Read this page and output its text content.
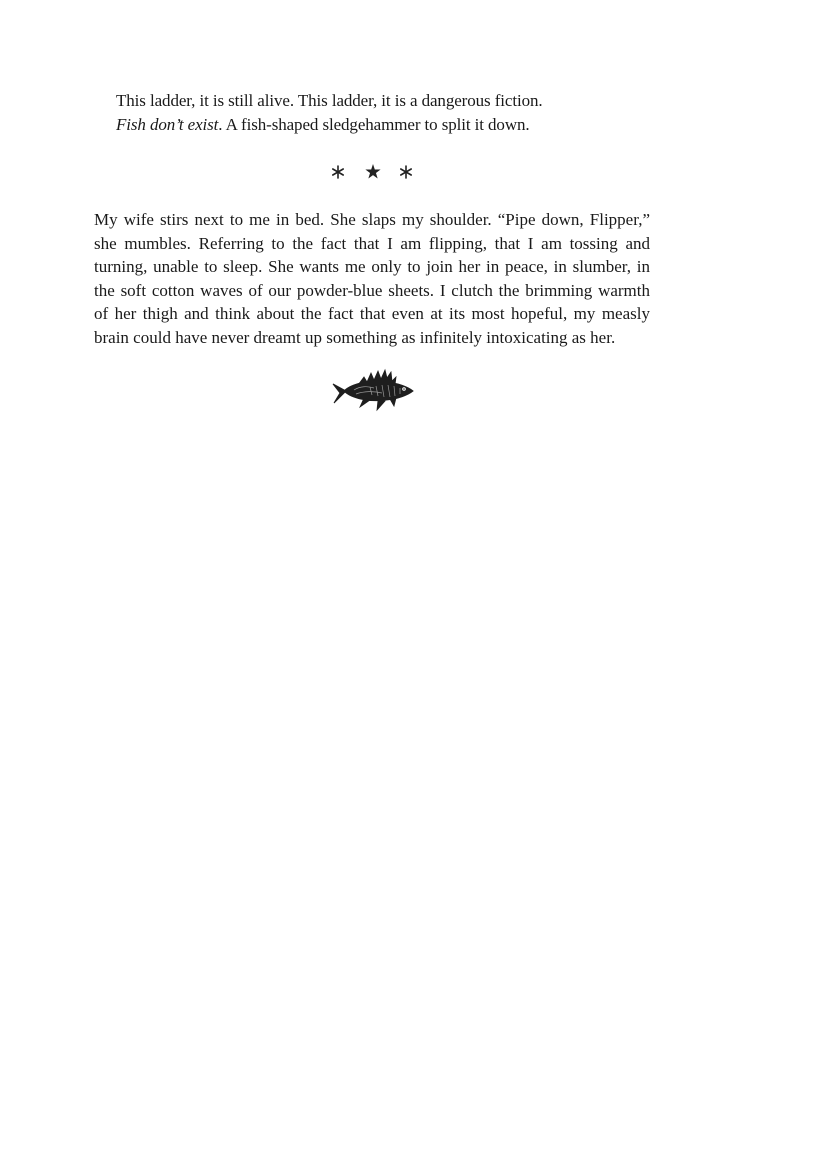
This ladder, it is still alive. This ladder, it is a dangerous fiction.
Fish don’t exist. A fish-shaped sledgehammer to split it down.
My wife stirs next to me in bed. She slaps my shoulder. “Pipe down, Flipper,”
she mumbles. Referring to the fact that I am flipping, that I am tossing and
turning, unable to sleep. She wants me only to join her in peace, in slumber, in
the soft cotton waves of our powder-blue sheets. I clutch the brimming warmth
of her thigh and think about the fact that even at its most hopeful, my measly
brain could have never dreamt up something as infinitely intoxicating as her.
